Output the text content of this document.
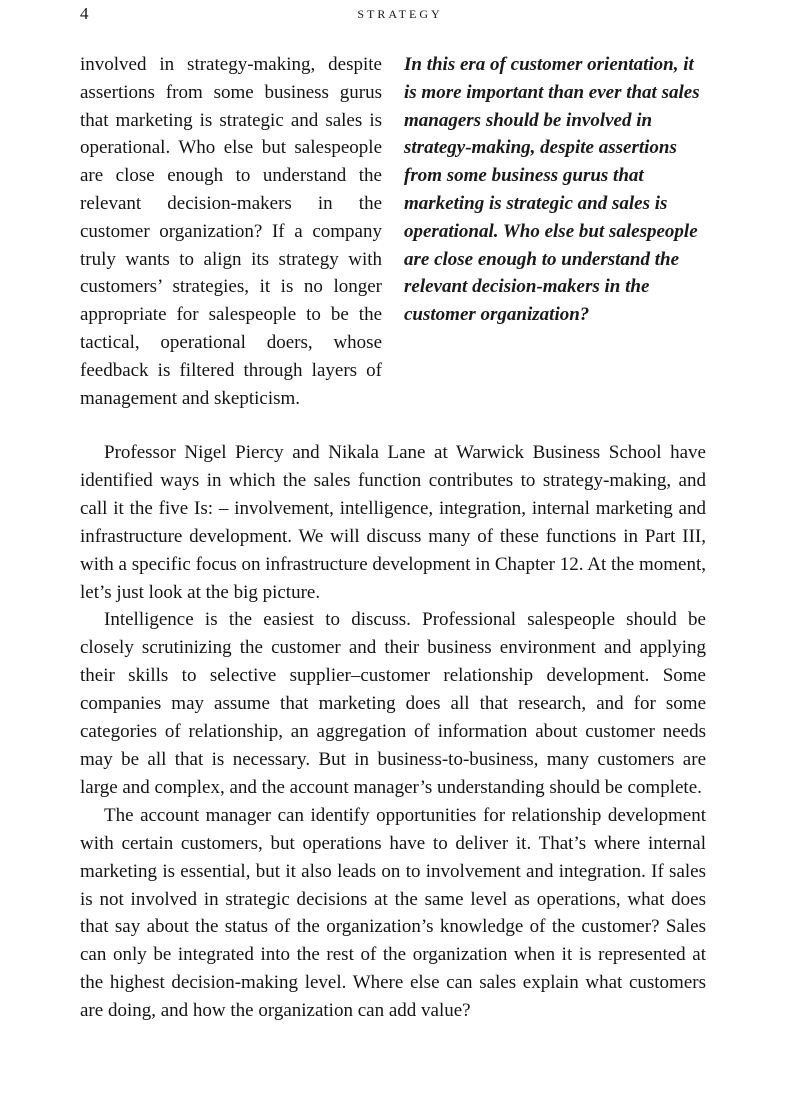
4	STRATEGY
involved in strategy-making, despite assertions from some business gurus that marketing is strategic and sales is operational. Who else but salespeople are close enough to understand the relevant decision-makers in the customer organization? If a company truly wants to align its strategy with customers’ strategies, it is no longer appropriate for salespeople to be the tactical, operational doers, whose feedback is filtered through layers of management and skepticism.
In this era of customer orientation, it is more important than ever that sales managers should be involved in strategy-making, despite assertions from some business gurus that marketing is strategic and sales is operational. Who else but salespeople are close enough to understand the relevant decision-makers in the customer organization?

Professor Nigel Piercy and Nikala Lane at Warwick Business School have identified ways in which the sales function contributes to strategy-making, and call it the five Is: – involvement, intelligence, integration, internal marketing and infrastructure development. We will discuss many of these functions in Part III, with a specific focus on infrastructure development in Chapter 12. At the moment, let’s just look at the big picture.

Intelligence is the easiest to discuss. Professional salespeople should be closely scrutinizing the customer and their business environment and applying their skills to selective supplier–customer relationship development. Some companies may assume that marketing does all that research, and for some categories of relationship, an aggregation of information about customer needs may be all that is necessary. But in business-to-business, many customers are large and complex, and the account manager’s understanding should be complete.

The account manager can identify opportunities for relationship development with certain customers, but operations have to deliver it. That’s where internal marketing is essential, but it also leads on to involvement and integration. If sales is not involved in strategic decisions at the same level as operations, what does that say about the status of the organization’s knowledge of the customer? Sales can only be integrated into the rest of the organization when it is represented at the highest decision-making level. Where else can sales explain what customers are doing, and how the organization can add value?
